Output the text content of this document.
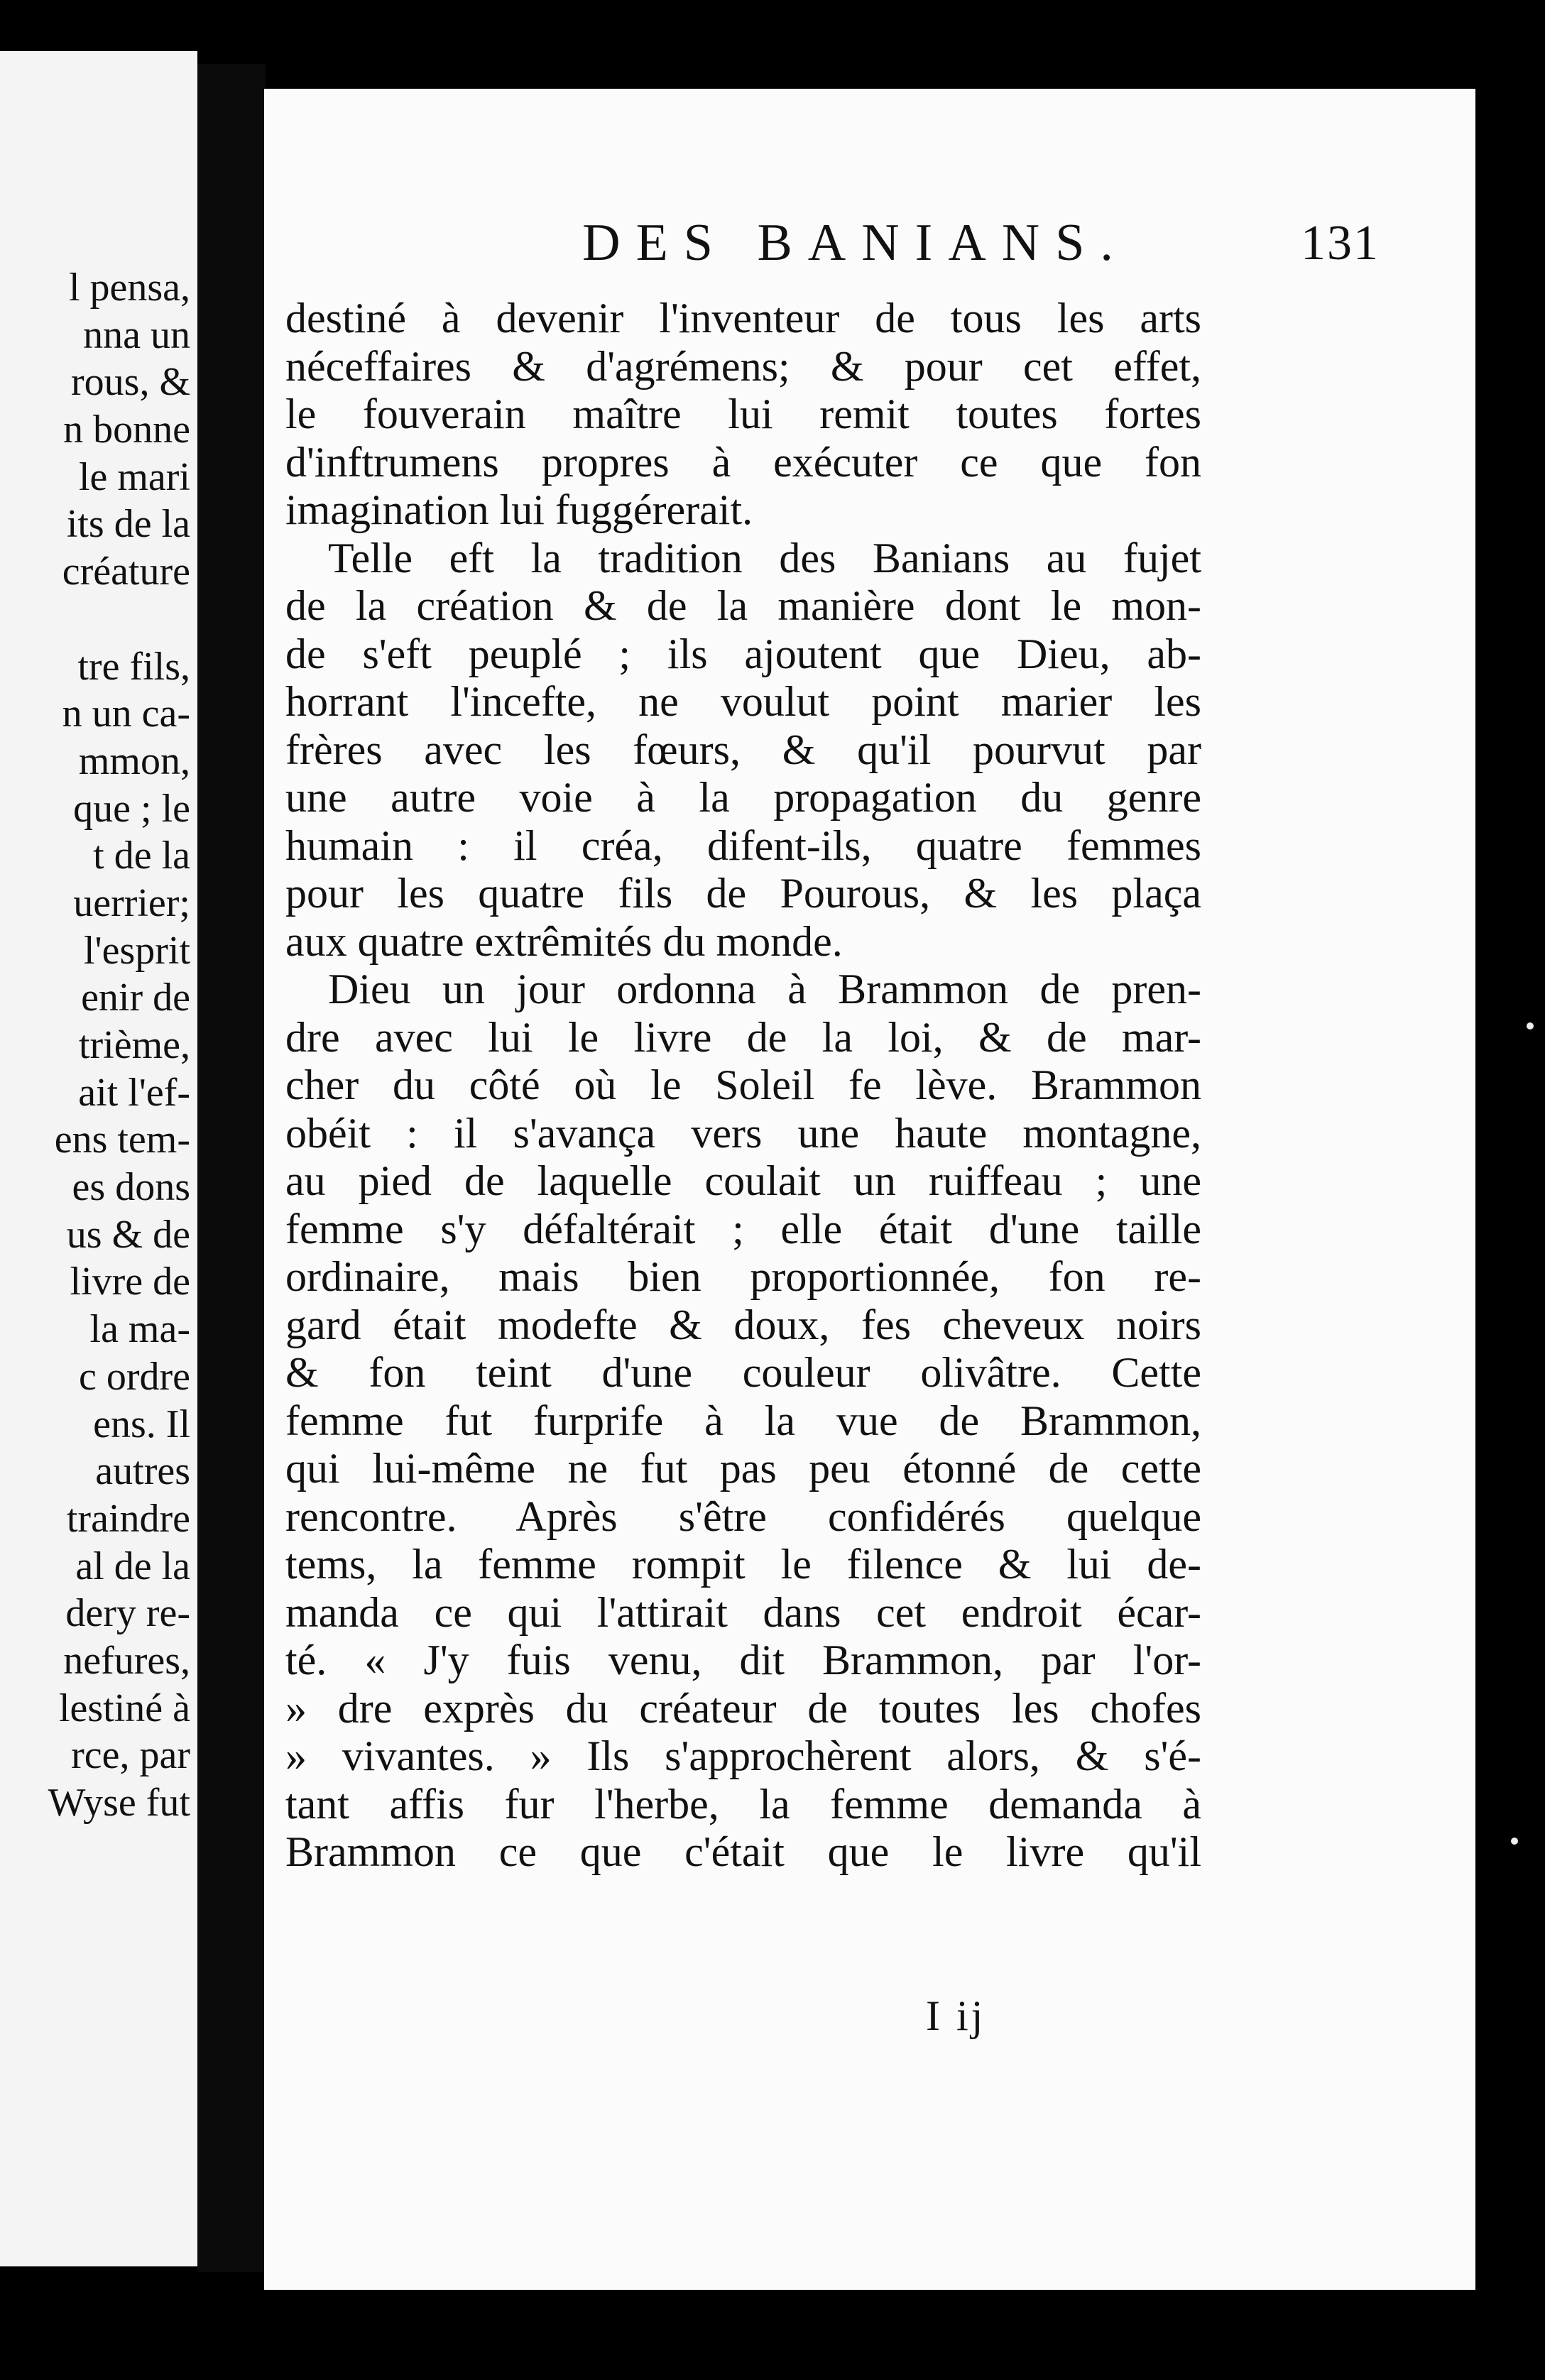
l pensa,
nna un
rous, &
n bonne
le mari
its de la
créature
tre fils,
n un ca-
mmon,
que ; le
t de la
uerrier;
l'esprit
enir de
trième,
ait l'ef-
ens tem-
es dons
us & de
livre de
la ma-
c ordre
ens. Il
autres
traindre
al de la
dery re-
nefures,
lestiné à
rce, par
Wyse fut
DES BANIANS.	131
destiné à devenir l'inventeur de tous les arts
néceffaires & d'agrémens; & pour cet effet,
le fouverain maître lui remit toutes fortes
d'inftrumens propres à exécuter ce que fon
imagination lui fuggérerait.
Telle eft la tradition des Banians au fujet
de la création & de la manière dont le mon-
de s'eft peuplé ; ils ajoutent que Dieu, ab-
horrant l'incefte, ne voulut point marier les
frères avec les fœurs, & qu'il pourvut par
une autre voie à la propagation du genre
humain : il créa, difent-ils, quatre femmes
pour les quatre fils de Pourous, & les plaça
aux quatre extrêmités du monde.
Dieu un jour ordonna à Brammon de pren-
dre avec lui le livre de la loi, & de mar-
cher du côté où le Soleil fe lève. Brammon
obéit : il s'avança vers une haute montagne,
au pied de laquelle coulait un ruiffeau ; une
femme s'y défaltérait ; elle était d'une taille
ordinaire, mais bien proportionnée, fon re-
gard était modefte & doux, fes cheveux noirs
& fon teint d'une couleur olivâtre. Cette
femme fut furprife à la vue de Brammon,
qui lui-même ne fut pas peu étonné de cette
rencontre. Après s'être confidérés quelque
tems, la femme rompit le filence & lui de-
manda ce qui l'attirait dans cet endroit écar-
té. « J'y fuis venu, dit Brammon, par l'or-
» dre exprès du créateur de toutes les chofes
» vivantes. » Ils s'approchèrent alors, & s'é-
tant affis fur l'herbe, la femme demanda à
Brammon ce que c'était que le livre qu'il
I ij
